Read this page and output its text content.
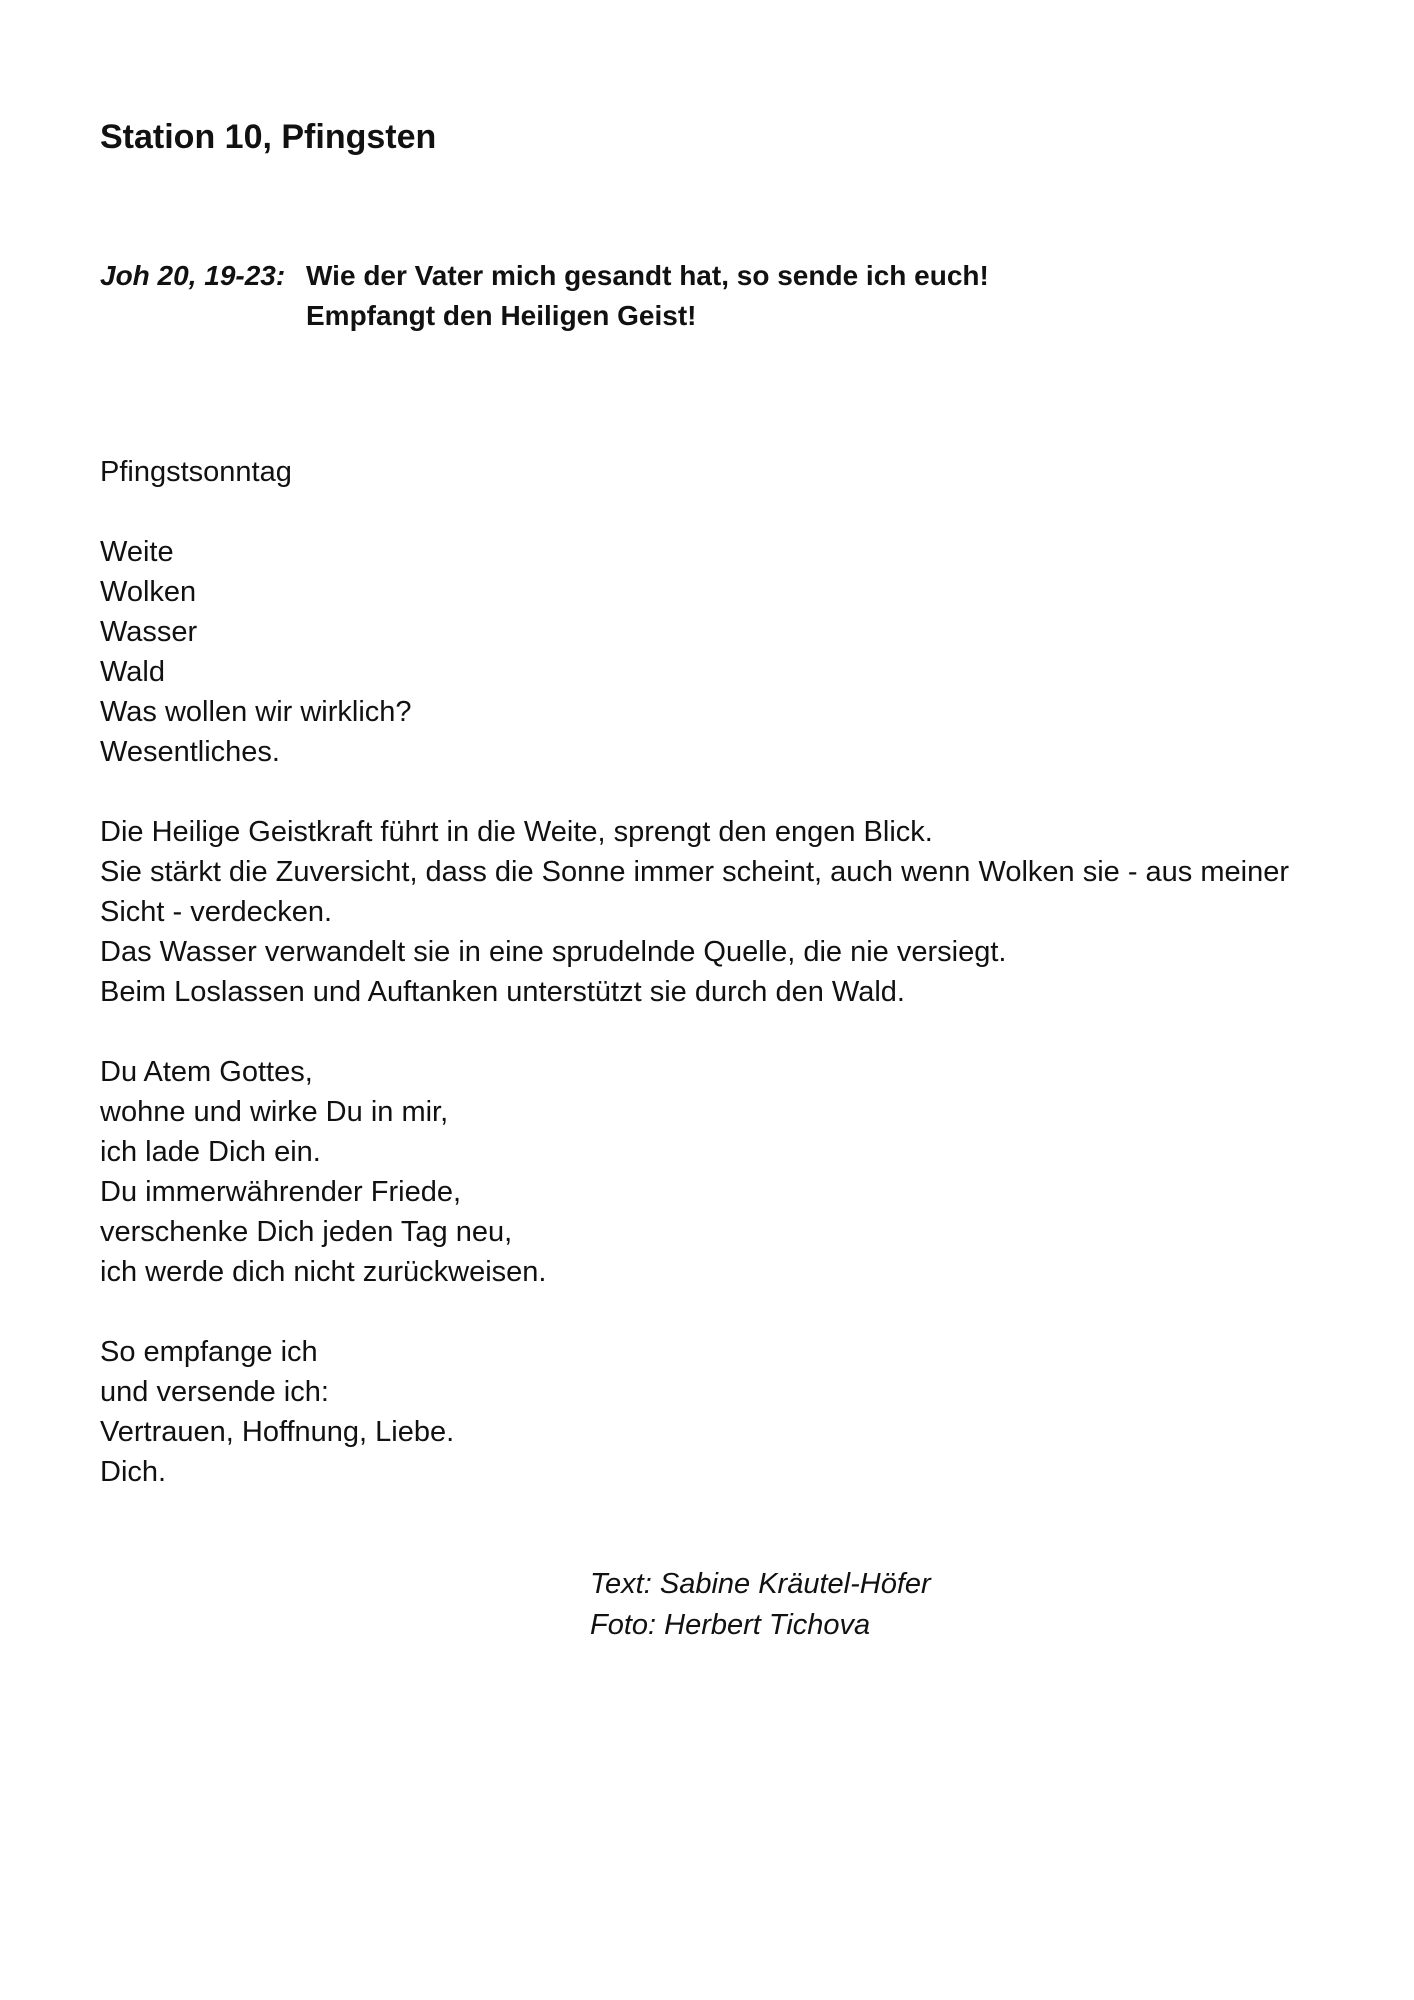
Station 10, Pfingsten
Joh 20, 19-23: Wie der Vater mich gesandt hat, so sende ich euch!
Empfangt den Heiligen Geist!
Pfingstsonntag
Weite
Wolken
Wasser
Wald
Was wollen wir wirklich?
Wesentliches.
Die Heilige Geistkraft führt in die Weite, sprengt den engen Blick.
Sie stärkt die Zuversicht, dass die Sonne immer scheint, auch wenn Wolken sie - aus meiner
Sicht - verdecken.
Das Wasser verwandelt sie in eine sprudelnde Quelle, die nie versiegt.
Beim Loslassen und Auftanken unterstützt sie durch den Wald.
Du Atem Gottes,
wohne und wirke Du in mir,
ich lade Dich ein.
Du immerwährender Friede,
verschenke Dich jeden Tag neu,
ich werde dich nicht zurückweisen.
So empfange ich
und versende ich:
Vertrauen, Hoffnung, Liebe.
Dich.
Text: Sabine Kräutel-Höfer
Foto: Herbert Tichova
